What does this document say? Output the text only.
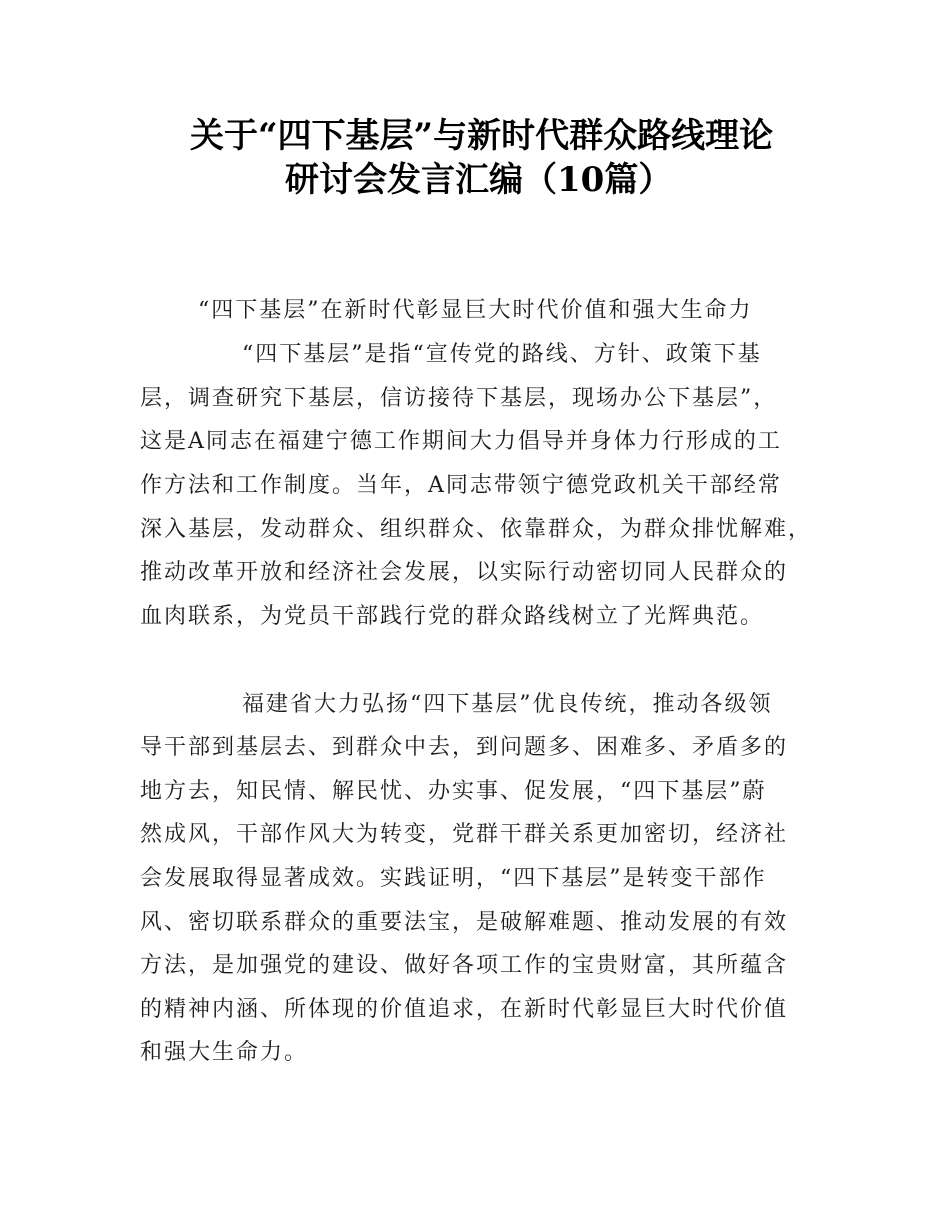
关于“四下基层”与新时代群众路线理论
研讨会发言汇编（10篇）
“四下基层”在新时代彰显巨大时代价值和强大生命力
“四下基层”是指“宣传党的路线、方针、政策下基
层，调查研究下基层，信访接待下基层，现场办公下基层”，
这是A同志在福建宁德工作期间大力倡导并身体力行形成的工
作方法和工作制度。当年，A同志带领宁德党政机关干部经常
深入基层，发动群众、组织群众、依靠群众，为群众排忧解难，
推动改革开放和经济社会发展，以实际行动密切同人民群众的
血肉联系，为党员干部践行党的群众路线树立了光辉典范。
福建省大力弘扬“四下基层”优良传统，推动各级领
导干部到基层去、到群众中去，到问题多、困难多、矛盾多的
地方去，知民情、解民忧、办实事、促发展，“四下基层”蔚
然成风，干部作风大为转变，党群干群关系更加密切，经济社
会发展取得显著成效。实践证明，“四下基层”是转变干部作
风、密切联系群众的重要法宝，是破解难题、推动发展的有效
方法，是加强党的建设、做好各项工作的宝贵财富，其所蕴含
的精神内涵、所体现的价值追求，在新时代彰显巨大时代价值
和强大生命力。
